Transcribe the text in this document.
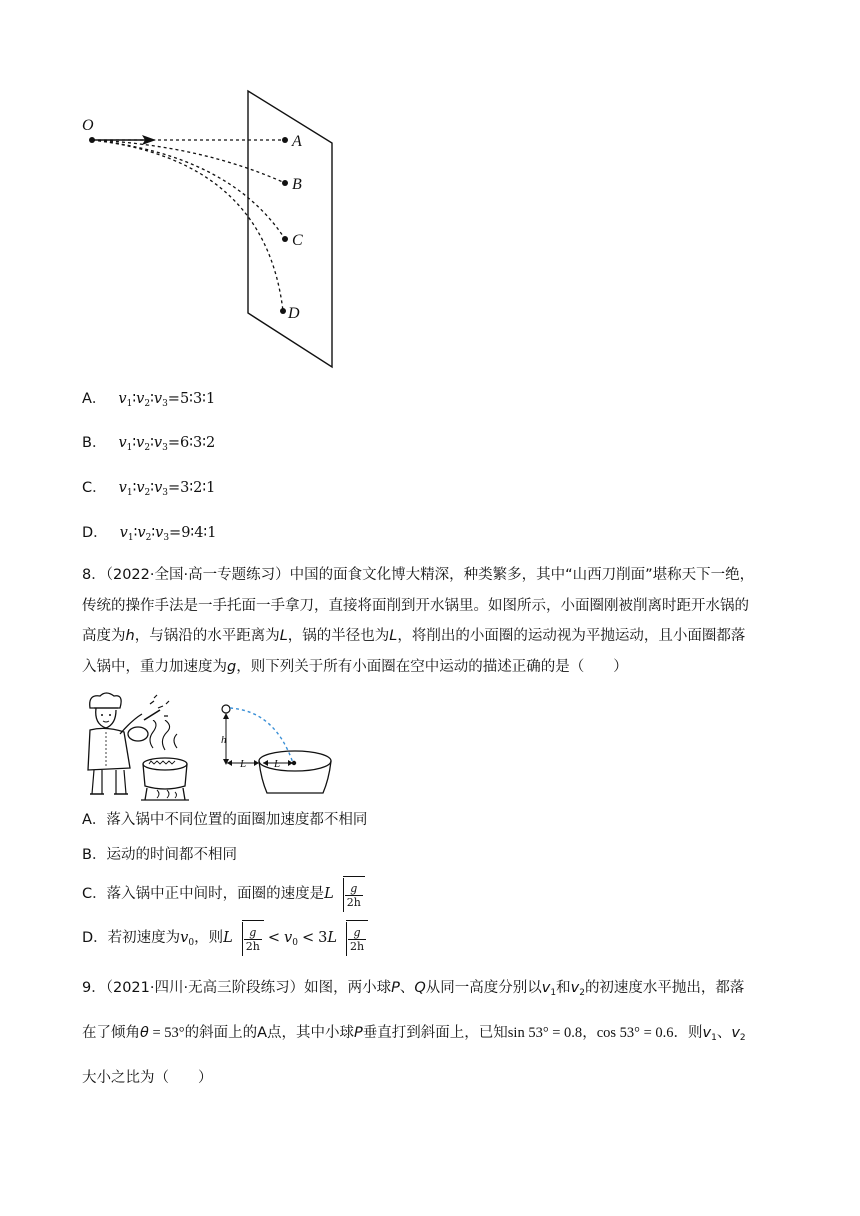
O
A
B
C
D
A． $v_1∶v_2∶v_3=5∶3∶1$
B． $v_1∶v_2∶v_3=6∶3∶2$
C． $v_1∶v_2∶v_3=3∶2∶1$
D． $v_1∶v_2∶v_3=9∶4∶1$
8．（2022·全国·高一专题练习）中国的面食文化博大精深，种类繁多，其中“山西刀削面”堪称天下一绝，
传统的操作手法是一手托面一手拿刀，直接将面削到开水锅里。如图所示，小面圈刚被削离时距开水锅的
高度为h，与锅沿的水平距离为L，锅的半径也为L，将削出的小面圈的运动视为平抛运动，且小面圈都落
入锅中，重力加速度为g，则下列关于所有小面圈在空中运动的描述正确的是（　　）
h
L	L
A．落入锅中不同位置的面圈加速度都不相同
B．运动的时间都不相同
C．落入锅中正中间时，面圈的速度是L $\frac{g}{2h}$
D．若初速度为$v_0$，则L $\frac{g}{2h} < v_0 < 3L \frac{g}{2h}$
9．（2021·四川·无高三阶段练习）如图，两小球P、Q从同一高度分别以$v_1$和$v_2$的初速度水平抛出，都落
在了倾角θ = 53°的斜面上的A点，其中小球P垂直打到斜面上，已知sin 53° = 0.8，cos 53° = 0.6．则$v_1$、$v_2$
大小之比为（　　）
